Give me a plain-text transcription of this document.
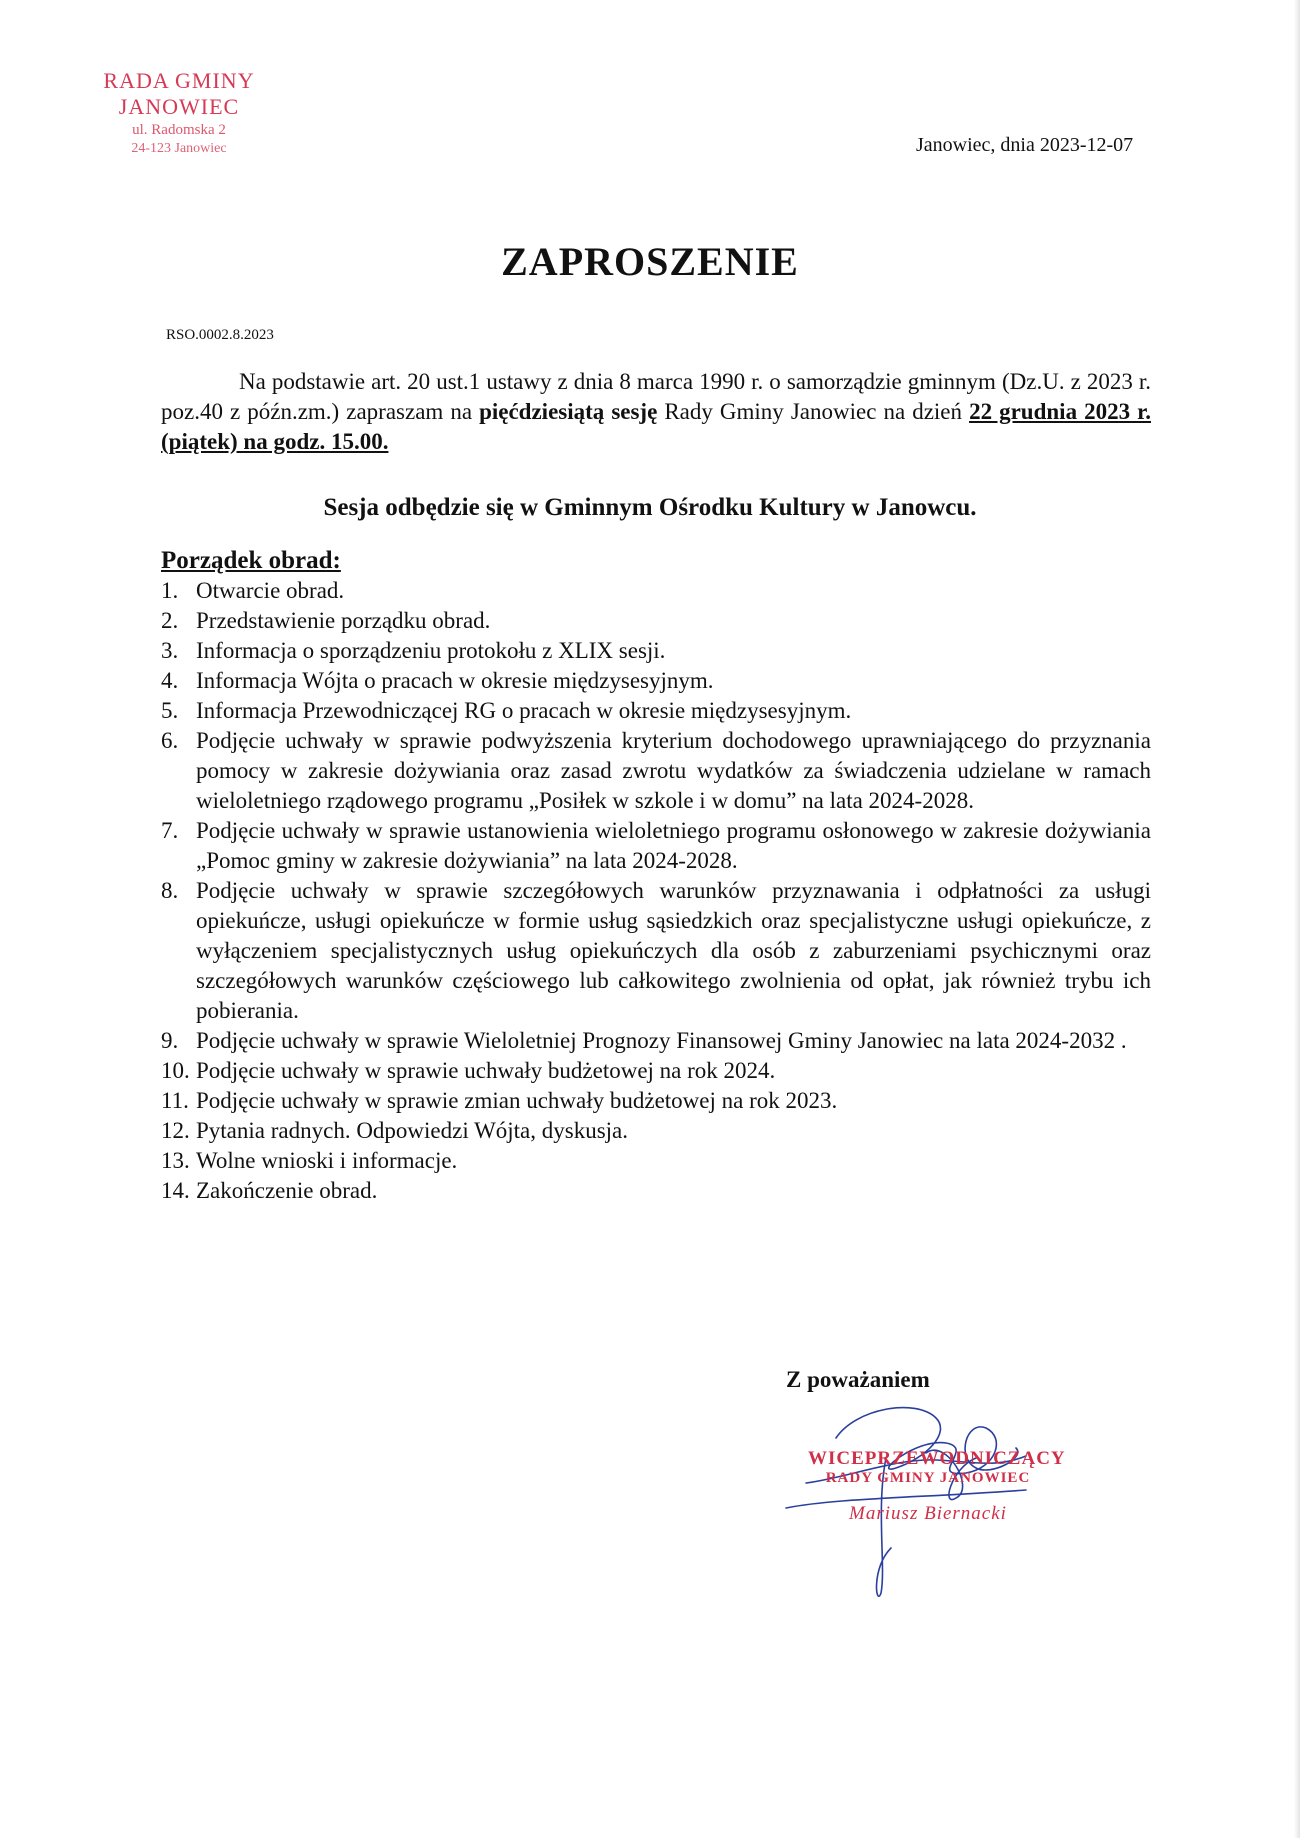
RADA GMINY
JANOWIEC
ul. Radomska 2
24-123 Janowiec	Janowiec, dnia 2023-12-07
ZAPROSZENIE
RSO.0002.8.2023
Na podstawie art. 20 ust.1 ustawy z dnia 8 marca 1990 r. o samorządzie gminnym (Dz.U. z 2023 r. poz.40 z późn.zm.) zapraszam na pięćdziesiątą sesję Rady Gminy Janowiec na dzień 22 grudnia 2023 r. (piątek) na godz. 15.00.
Sesja odbędzie się w Gminnym Ośrodku Kultury w Janowcu.
Porządek obrad:
1. Otwarcie obrad.
2. Przedstawienie porządku obrad.
3. Informacja o sporządzeniu protokołu z XLIX sesji.
4. Informacja Wójta o pracach w okresie międzysesyjnym.
5. Informacja Przewodniczącej RG o pracach w okresie międzysesyjnym.
6. Podjęcie uchwały w sprawie podwyższenia kryterium dochodowego uprawniającego do przyznania pomocy w zakresie dożywiania oraz zasad zwrotu wydatków za świadczenia udzielane w ramach wieloletniego rządowego programu „Posiłek w szkole i w domu” na lata 2024-2028.
7. Podjęcie uchwały w sprawie ustanowienia wieloletniego programu osłonowego w zakresie dożywiania „Pomoc gminy w zakresie dożywiania” na lata 2024-2028.
8. Podjęcie uchwały w sprawie szczegółowych warunków przyznawania i odpłatności za usługi opiekuńcze, usługi opiekuńcze w formie usług sąsiedzkich oraz specjalistyczne usługi opiekuńcze, z wyłączeniem specjalistycznych usług opiekuńczych dla osób z zaburzeniami psychicznymi oraz szczegółowych warunków częściowego lub całkowitego zwolnienia od opłat, jak również trybu ich pobierania.
9. Podjęcie uchwały w sprawie Wieloletniej Prognozy Finansowej Gminy Janowiec na lata 2024-2032 .
10. Podjęcie uchwały w sprawie uchwały budżetowej na rok 2024.
11. Podjęcie uchwały w sprawie zmian uchwały budżetowej na rok 2023.
12. Pytania radnych. Odpowiedzi Wójta, dyskusja.
13. Wolne wnioski i informacje.
14. Zakończenie obrad.
Z poważaniem
WICEPRZEWODNICZĄCY
RADY GMINY JANOWIEC
Mariusz Biernacki
